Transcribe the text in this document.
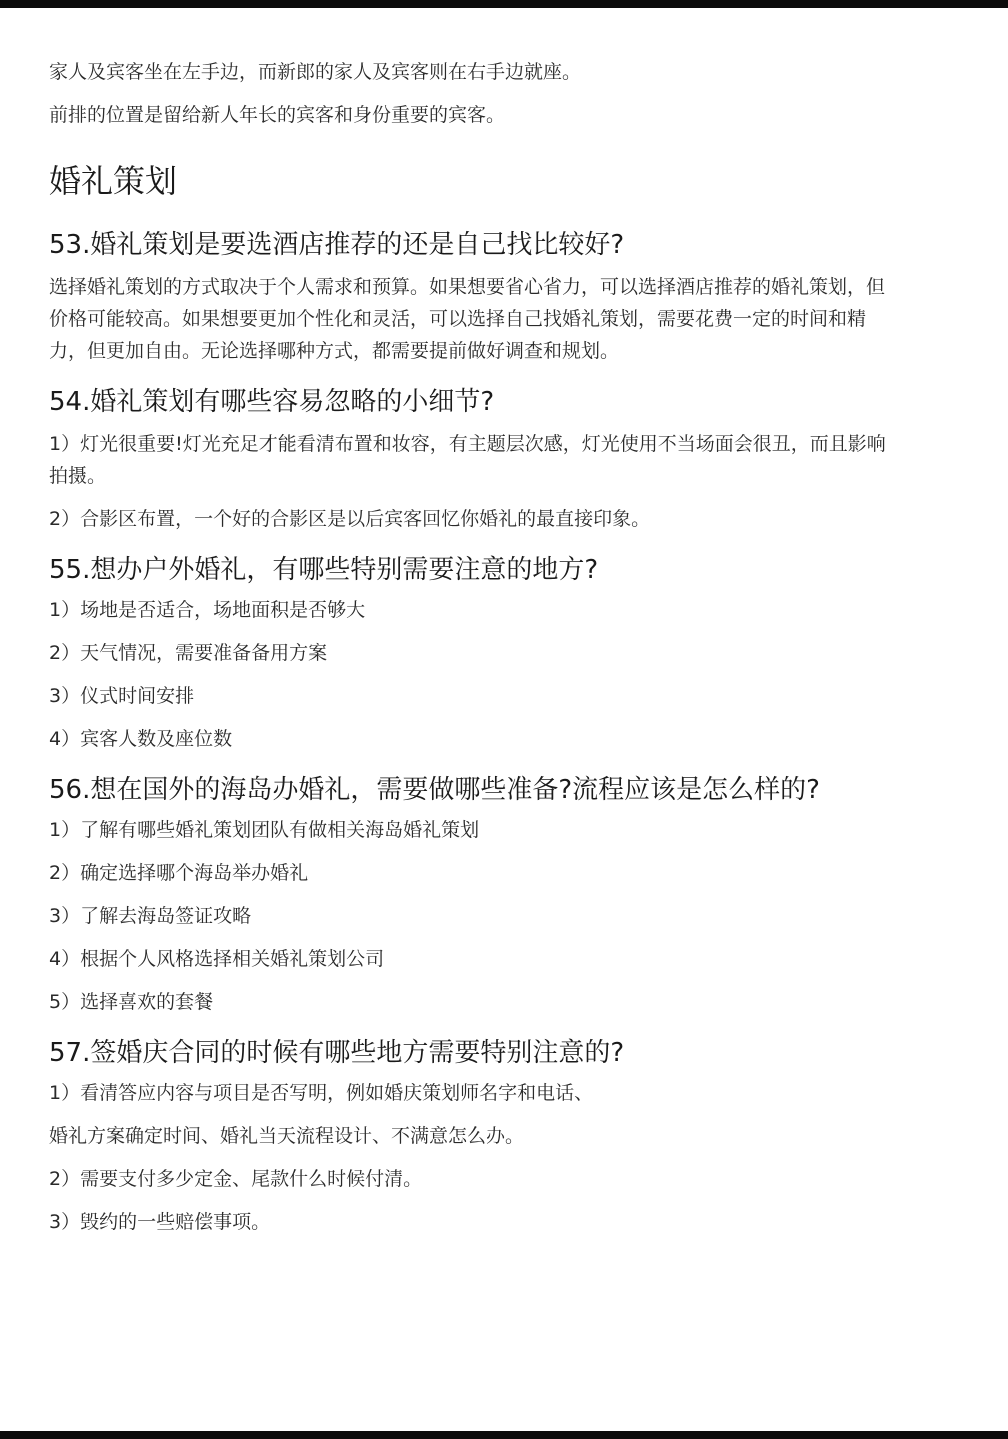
家人及宾客坐在左手边，而新郎的家人及宾客则在右手边就座。

前排的位置是留给新人年长的宾客和身份重要的宾客。

婚礼策划
53.婚礼策划是要选酒店推荐的还是自己找比较好?

选择婚礼策划的方式取决于个人需求和预算。如果想要省心省力，可以选择酒店推荐的婚礼策划，但

价格可能较高。如果想要更加个性化和灵活，可以选择自己找婚礼策划，需要花费一定的时间和精

力，但更加自由。无论选择哪种方式，都需要提前做好调查和规划。

54.婚礼策划有哪些容易忽略的小细节?

1）灯光很重要!灯光充足才能看清布置和妆容，有主题层次感，灯光使用不当场面会很丑，而且影响

拍摄。

2）合影区布置，一个好的合影区是以后宾客回忆你婚礼的最直接印象。

55.想办户外婚礼，有哪些特别需要注意的地方?

1）场地是否适合，场地面积是否够大

2）天气情况，需要准备备用方案

3）仪式时间安排

4）宾客人数及座位数

56.想在国外的海岛办婚礼，需要做哪些准备?流程应该是怎么样的?

1）了解有哪些婚礼策划团队有做相关海岛婚礼策划

2）确定选择哪个海岛举办婚礼

3）了解去海岛签证攻略

4）根据个人风格选择相关婚礼策划公司

5）选择喜欢的套餐

57.签婚庆合同的时候有哪些地方需要特别注意的?

1）看清答应内容与项目是否写明，例如婚庆策划师名字和电话、

婚礼方案确定时间、婚礼当天流程设计、不满意怎么办。

2）需要支付多少定金、尾款什么时候付清。

3）毁约的一些赔偿事项。
